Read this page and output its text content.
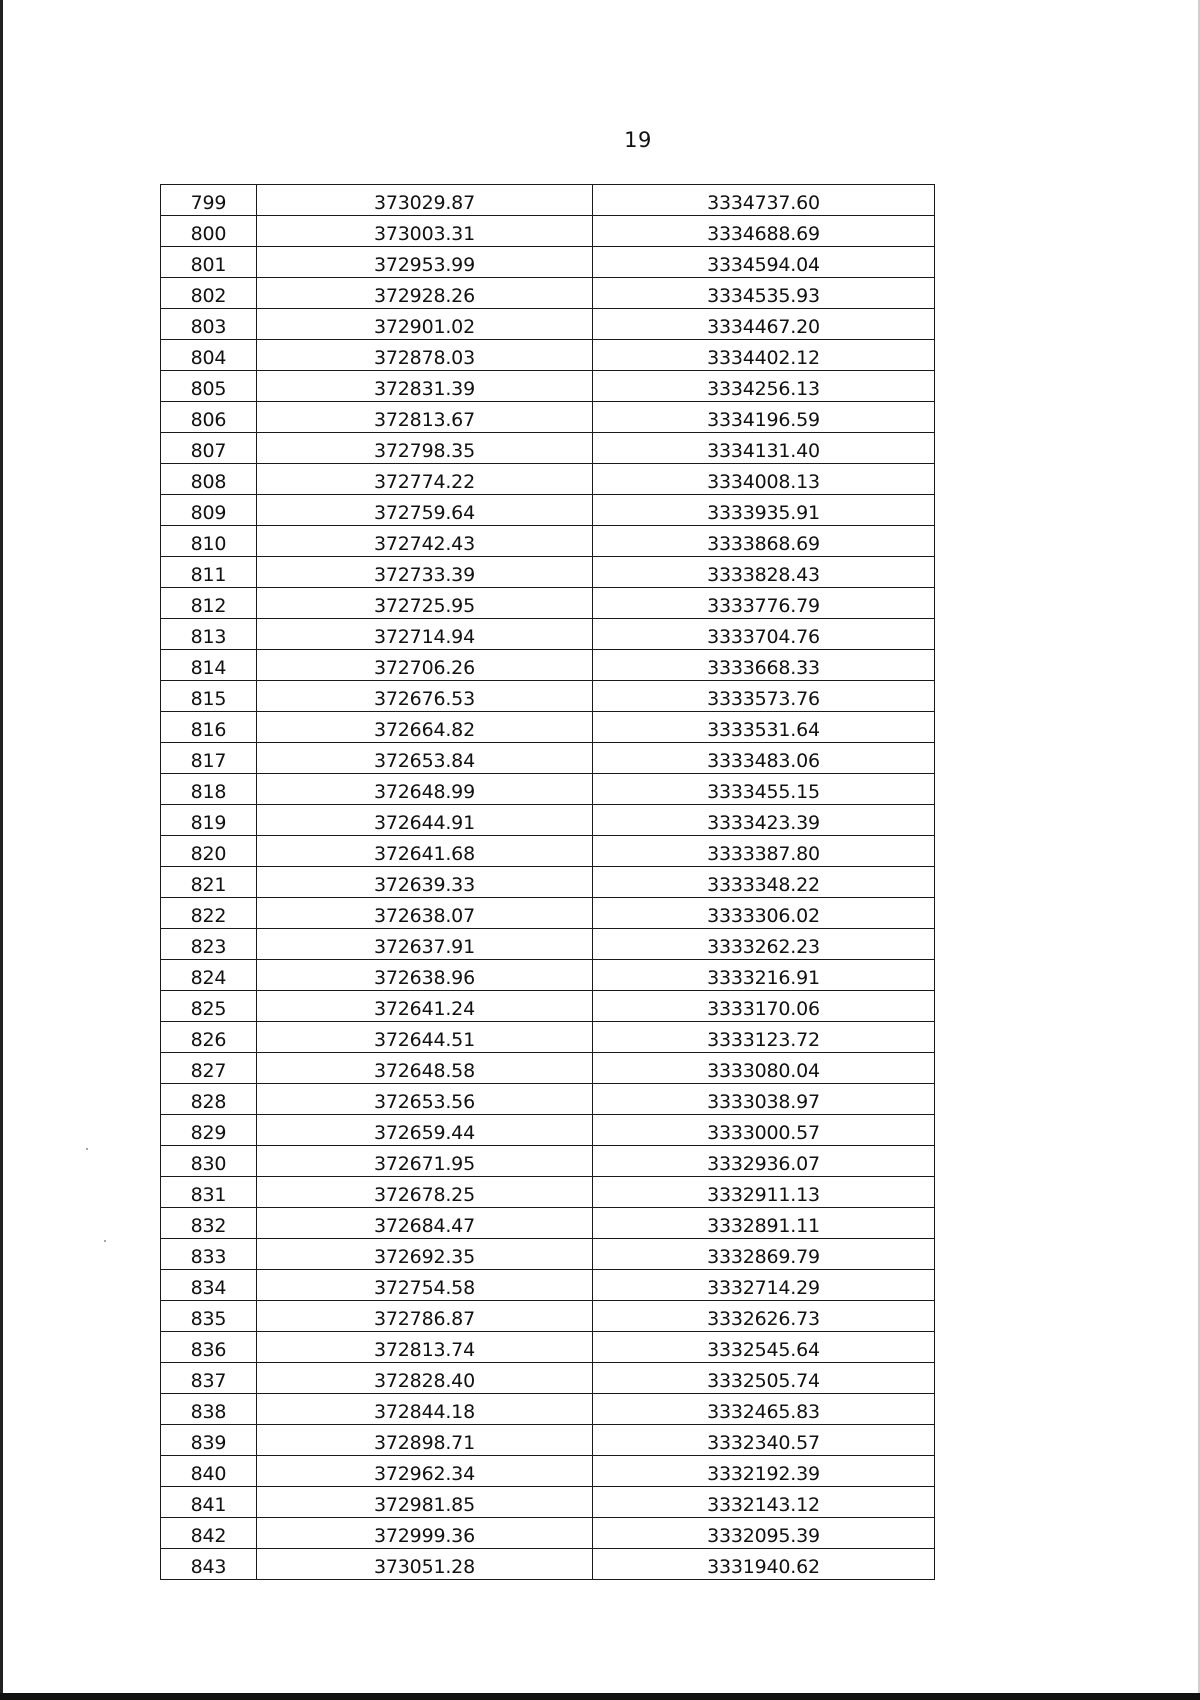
19
799	373029.87	3334737.60
800	373003.31	3334688.69
801	372953.99	3334594.04
802	372928.26	3334535.93
803	372901.02	3334467.20
804	372878.03	3334402.12
805	372831.39	3334256.13
806	372813.67	3334196.59
807	372798.35	3334131.40
808	372774.22	3334008.13
809	372759.64	3333935.91
810	372742.43	3333868.69
811	372733.39	3333828.43
812	372725.95	3333776.79
813	372714.94	3333704.76
814	372706.26	3333668.33
815	372676.53	3333573.76
816	372664.82	3333531.64
817	372653.84	3333483.06
818	372648.99	3333455.15
819	372644.91	3333423.39
820	372641.68	3333387.80
821	372639.33	3333348.22
822	372638.07	3333306.02
823	372637.91	3333262.23
824	372638.96	3333216.91
825	372641.24	3333170.06
826	372644.51	3333123.72
827	372648.58	3333080.04
828	372653.56	3333038.97
829	372659.44	3333000.57
830	372671.95	3332936.07
831	372678.25	3332911.13
832	372684.47	3332891.11
833	372692.35	3332869.79
834	372754.58	3332714.29
835	372786.87	3332626.73
836	372813.74	3332545.64
837	372828.40	3332505.74
838	372844.18	3332465.83
839	372898.71	3332340.57
840	372962.34	3332192.39
841	372981.85	3332143.12
842	372999.36	3332095.39
843	373051.28	3331940.62
